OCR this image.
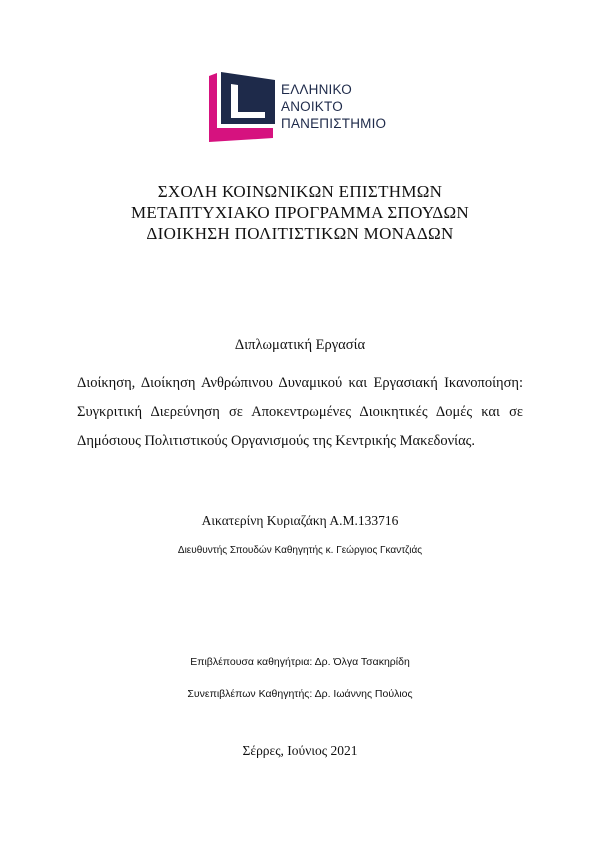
ΕΛΛΗΝΙΚΟ
ΑΝΟΙΚΤΟ
ΠΑΝΕΠΙΣΤΗΜΙΟ
ΣΧΟΛΗ ΚΟΙΝΩΝΙΚΩΝ ΕΠΙΣΤΗΜΩΝ
ΜΕΤΑΠΤΥΧΙΑΚΟ ΠΡΟΓΡΑΜΜΑ ΣΠΟΥΔΩΝ
ΔΙΟΙΚΗΣΗ ΠΟΛΙΤΙΣΤΙΚΩΝ ΜΟΝΑΔΩΝ
Διπλωματική Εργασία
Διοίκηση, Διοίκηση Ανθρώπινου Δυναμικού και Εργασιακή Ικανοποίηση: Συγκριτική Διερεύνηση σε Αποκεντρωμένες Διοικητικές Δομές και σε Δημόσιους Πολιτιστικούς Οργανισμούς της Κεντρικής Μακεδονίας.
Αικατερίνη Κυριαζάκη Α.Μ.133716
Διευθυντής Σπουδών Καθηγητής κ. Γεώργιος Γκαντζιάς
Επιβλέπουσα καθηγήτρια: Δρ. Όλγα Τσακηρίδη
Συνεπιβλέπων Καθηγητής: Δρ. Ιωάννης Πούλιος
Σέρρες, Ιούνιος 2021
